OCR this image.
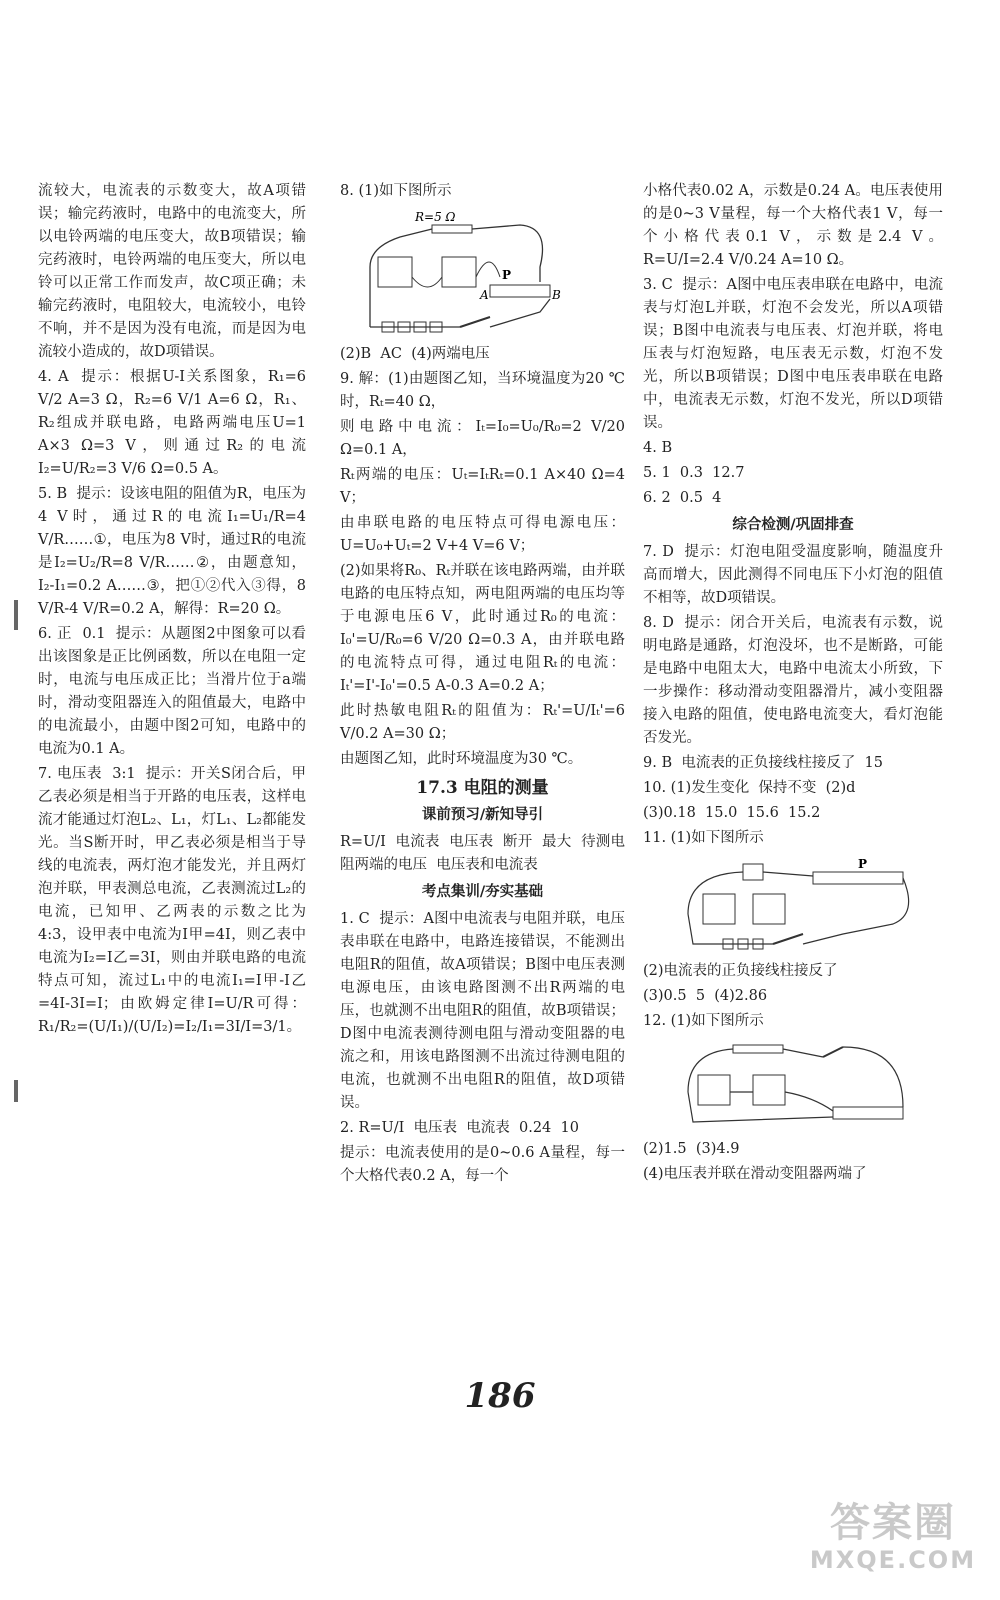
流较大，电流表的示数变大，故A项错误；输完药液时，电路中的电流变大，所以电铃两端的电压变大，故B项错误；输完药液时，电铃两端的电压变大，所以电铃可以正常工作而发声，故C项正确；未输完药液时，电阻较大，电流较小，电铃不响，并不是因为没有电流，而是因为电流较小造成的，故D项错误。

4. A  提示：根据U-I关系图象，R₁=6 V/2 A=3 Ω，R₂=6 V/1 A=6 Ω，R₁、R₂组成并联电路，电路两端电压U=1 A×3 Ω=3 V，则通过R₂的电流I₂=U/R₂=3 V/6 Ω=0.5 A。

5. B  提示：设该电阻的阻值为R，电压为4 V时，通过R的电流I₁=U₁/R=4 V/R……①，电压为8 V时，通过R的电流是I₂=U₂/R=8 V/R……②，由题意知，I₂-I₁=0.2 A……③，把①②代入③得，8 V/R-4 V/R=0.2 A，解得：R=20 Ω。

6. 正  0.1  提示：从题图2中图象可以看出该图象是正比例函数，所以在电阻一定时，电流与电压成正比；当滑片位于a端时，滑动变阻器连入的阻值最大，电路中的电流最小，由题中图2可知，电路中的电流为0.1 A。

7. 电压表  3:1  提示：开关S闭合后，甲乙表必须是相当于开路的电压表，这样电流才能通过灯泡L₂、L₁，灯L₁、L₂都能发光。当S断开时，甲乙表必须是相当于导线的电流表，两灯泡才能发光，并且两灯泡并联，甲表测总电流，乙表测流过L₂的电流，已知甲、乙两表的示数之比为4:3，设甲表中电流为I甲=4I，则乙表中电流为I₂=I乙=3I，则由并联电路的电流特点可知，流过L₁中的电流I₁=I甲-I乙=4I-3I=I；由欧姆定律I=U/R可得：R₁/R₂=(U/I₁)/(U/I₂)=I₂/I₁=3I/I=3/1。

8. (1)如下图所示

R=5 Ω
P
A	B

(2)B  AC  (4)两端电压

9. 解：(1)由题图乙知，当环境温度为20 ℃时，Rₜ=40 Ω，

则电路中电流：Iₜ=I₀=U₀/R₀=2 V/20 Ω=0.1 A，

Rₜ两端的电压：Uₜ=IₜRₜ=0.1 A×40 Ω=4 V；

由串联电路的电压特点可得电源电压：U=U₀+Uₜ=2 V+4 V=6 V；

(2)如果将R₀、Rₜ并联在该电路两端，由并联电路的电压特点知，两电阻两端的电压均等于电源电压6 V，此时通过R₀的电流：I₀'=U/R₀=6 V/20 Ω=0.3 A，由并联电路的电流特点可得，通过电阻Rₜ的电流：Iₜ'=I'-I₀'=0.5 A-0.3 A=0.2 A；

此时热敏电阻Rₜ的阻值为：Rₜ'=U/Iₜ'=6 V/0.2 A=30 Ω；

由题图乙知，此时环境温度为30 ℃。

17.3 电阻的测量
课前预习/新知导引

R=U/I  电流表  电压表  断开  最大  待测电阻两端的电压  电压表和电流表

考点集训/夯实基础

1. C  提示：A图中电流表与电阻并联，电压表串联在电路中，电路连接错误，不能测出电阻R的阻值，故A项错误；B图中电压表测电源电压，由该电路图测不出R两端的电压，也就测不出电阻R的阻值，故B项错误；D图中电流表测待测电阻与滑动变阻器的电流之和，用该电路图测不出流过待测电阻的电流，也就测不出电阻R的阻值，故D项错误。

2. R=U/I  电压表  电流表  0.24  10

提示：电流表使用的是0~0.6 A量程，每一个大格代表0.2 A，每一个

小格代表0.02 A，示数是0.24 A。电压表使用的是0~3 V量程，每一个大格代表1 V，每一个小格代表0.1 V，示数是2.4 V。R=U/I=2.4 V/0.24 A=10 Ω。

3. C  提示：A图中电压表串联在电路中，电流表与灯泡L并联，灯泡不会发光，所以A项错误；B图中电流表与电压表、灯泡并联，将电压表与灯泡短路，电压表无示数，灯泡不发光，所以B项错误；D图中电压表串联在电路中，电流表无示数，灯泡不发光，所以D项错误。

4. B

5. 1  0.3  12.7

6. 2  0.5  4

综合检测/巩固排查

7. D  提示：灯泡电阻受温度影响，随温度升高而增大，因此测得不同电压下小灯泡的阻值不相等，故D项错误。

8. D  提示：闭合开关后，电流表有示数，说明电路是通路，灯泡没坏，也不是断路，可能是电路中电阻太大，电路中电流太小所致，下一步操作：移动滑动变阻器滑片，减小变阻器接入电路的阻值，使电路电流变大，看灯泡能否发光。

9. B  电流表的正负接线柱接反了  15

10. (1)发生变化  保持不变  (2)d

(3)0.18  15.0  15.6  15.2

11. (1)如下图所示

P

(2)电流表的正负接线柱接反了

(3)0.5  5  (4)2.86

12. (1)如下图所示

(2)1.5  (3)4.9

(4)电压表并联在滑动变阻器两端了

186
答案圈
MXQE.COM
